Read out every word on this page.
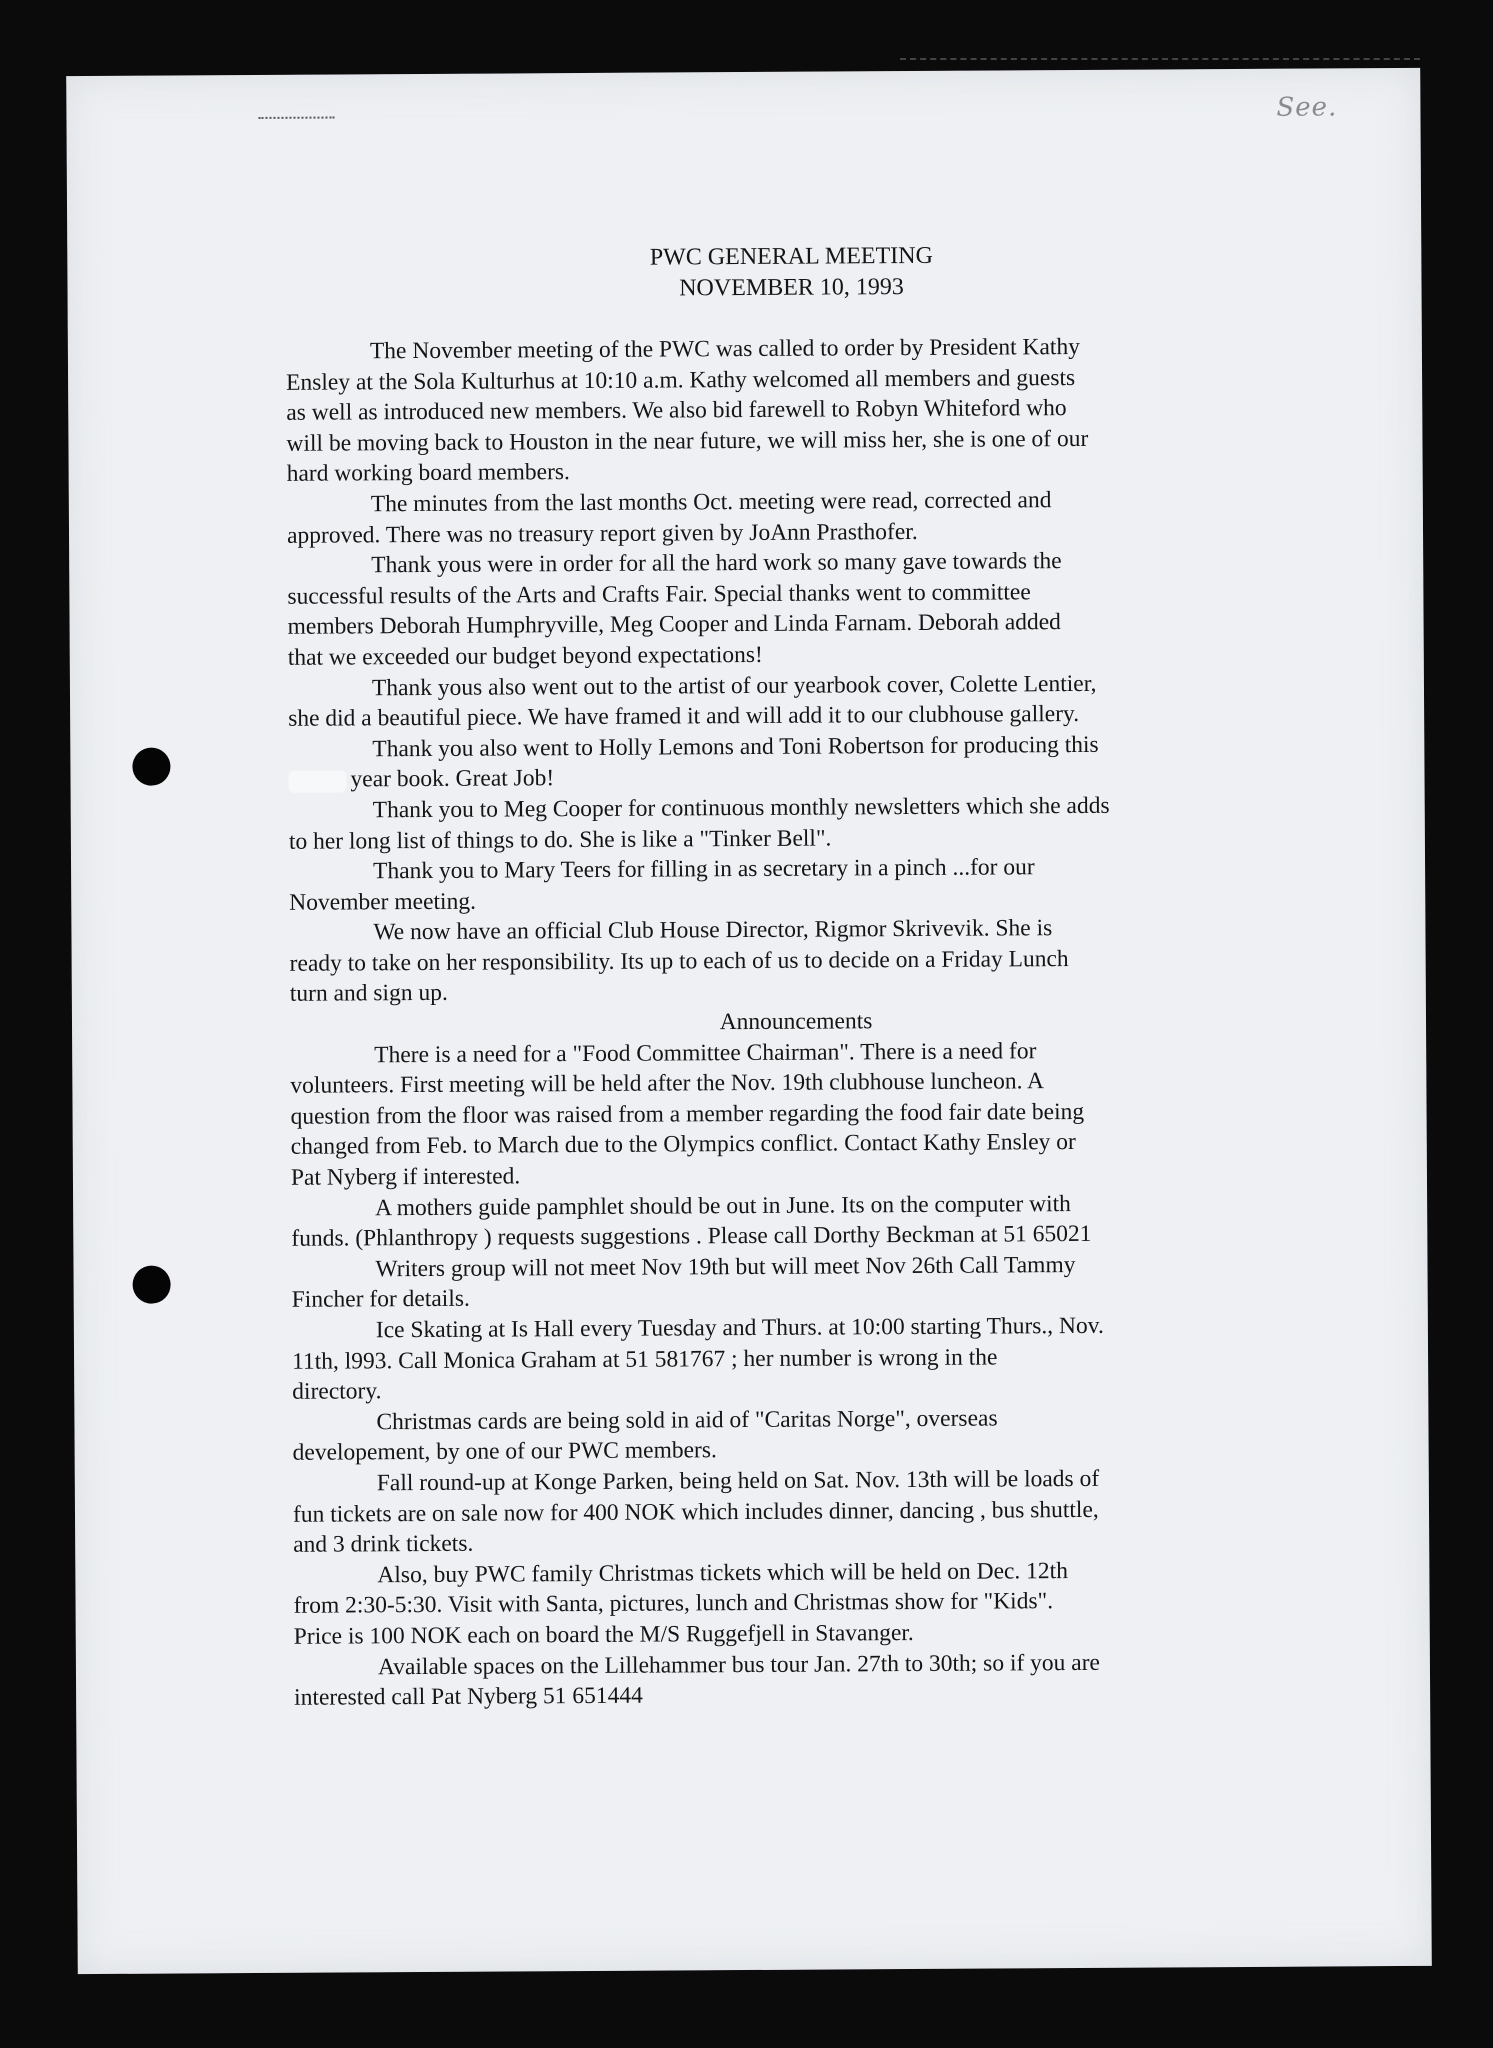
See.

PWC GENERAL MEETING

NOVEMBER 10, 1993

The November meeting of the PWC was called to order by President Kathy

Ensley at the Sola Kulturhus at 10:10 a.m. Kathy welcomed all members and guests

as well as introduced new members. We also bid farewell to Robyn Whiteford who

will be moving back to Houston in the near future, we will miss her, she is one of our

hard working board members.

The minutes from the last months Oct. meeting were read, corrected and

approved. There was no treasury report given by JoAnn Prasthofer.

Thank yous were in order for all the hard work so many gave towards the

successful results of the Arts and Crafts Fair. Special thanks went to committee

members Deborah Humphryville, Meg Cooper and Linda Farnam. Deborah added

that we exceeded our budget beyond expectations!

Thank yous also went out to the artist of our yearbook cover, Colette Lentier,

she did a beautiful piece. We have framed it and will add it to our clubhouse gallery.

Thank you also went to Holly Lemons and Toni Robertson for producing this

year book. Great Job!

Thank you to Meg Cooper for continuous monthly newsletters which she adds

to her long list of things to do. She is like a "Tinker Bell".

Thank you to Mary Teers for filling in as secretary in a pinch ...for our

November meeting.

We now have an official Club House Director, Rigmor Skrivevik. She is

ready to take on her responsibility. Its up to each of us to decide on a Friday Lunch

turn and sign up.

Announcements

There is a need for a "Food Committee Chairman". There is a need for

volunteers. First meeting will be held after the Nov. 19th clubhouse luncheon. A

question from the floor was raised from a member regarding the food fair date being

changed from Feb. to March due to the Olympics conflict. Contact Kathy Ensley or

Pat Nyberg if interested.

A mothers guide pamphlet should be out in June. Its on the computer with

funds. (Phlanthropy ) requests suggestions . Please call Dorthy Beckman at 51 65021

Writers group will not meet Nov 19th but will meet Nov 26th Call Tammy

Fincher for details.

Ice Skating at Is Hall every Tuesday and Thurs. at 10:00 starting Thurs., Nov.

11th, l993. Call Monica Graham at 51 581767 ; her number is wrong in the

directory.

Christmas cards are being sold in aid of "Caritas Norge", overseas

developement, by one of our PWC members.

Fall round-up at Konge Parken, being held on Sat. Nov. 13th will be loads of

fun tickets are on sale now for 400 NOK which includes dinner, dancing , bus shuttle,

and 3 drink tickets.

Also, buy PWC family Christmas tickets which will be held on Dec. 12th

from 2:30-5:30. Visit with Santa, pictures, lunch and Christmas show for "Kids".

Price is 100 NOK each on board the M/S Ruggefjell in Stavanger.

Available spaces on the Lillehammer bus tour Jan. 27th to 30th; so if you are

interested call Pat Nyberg 51 651444
